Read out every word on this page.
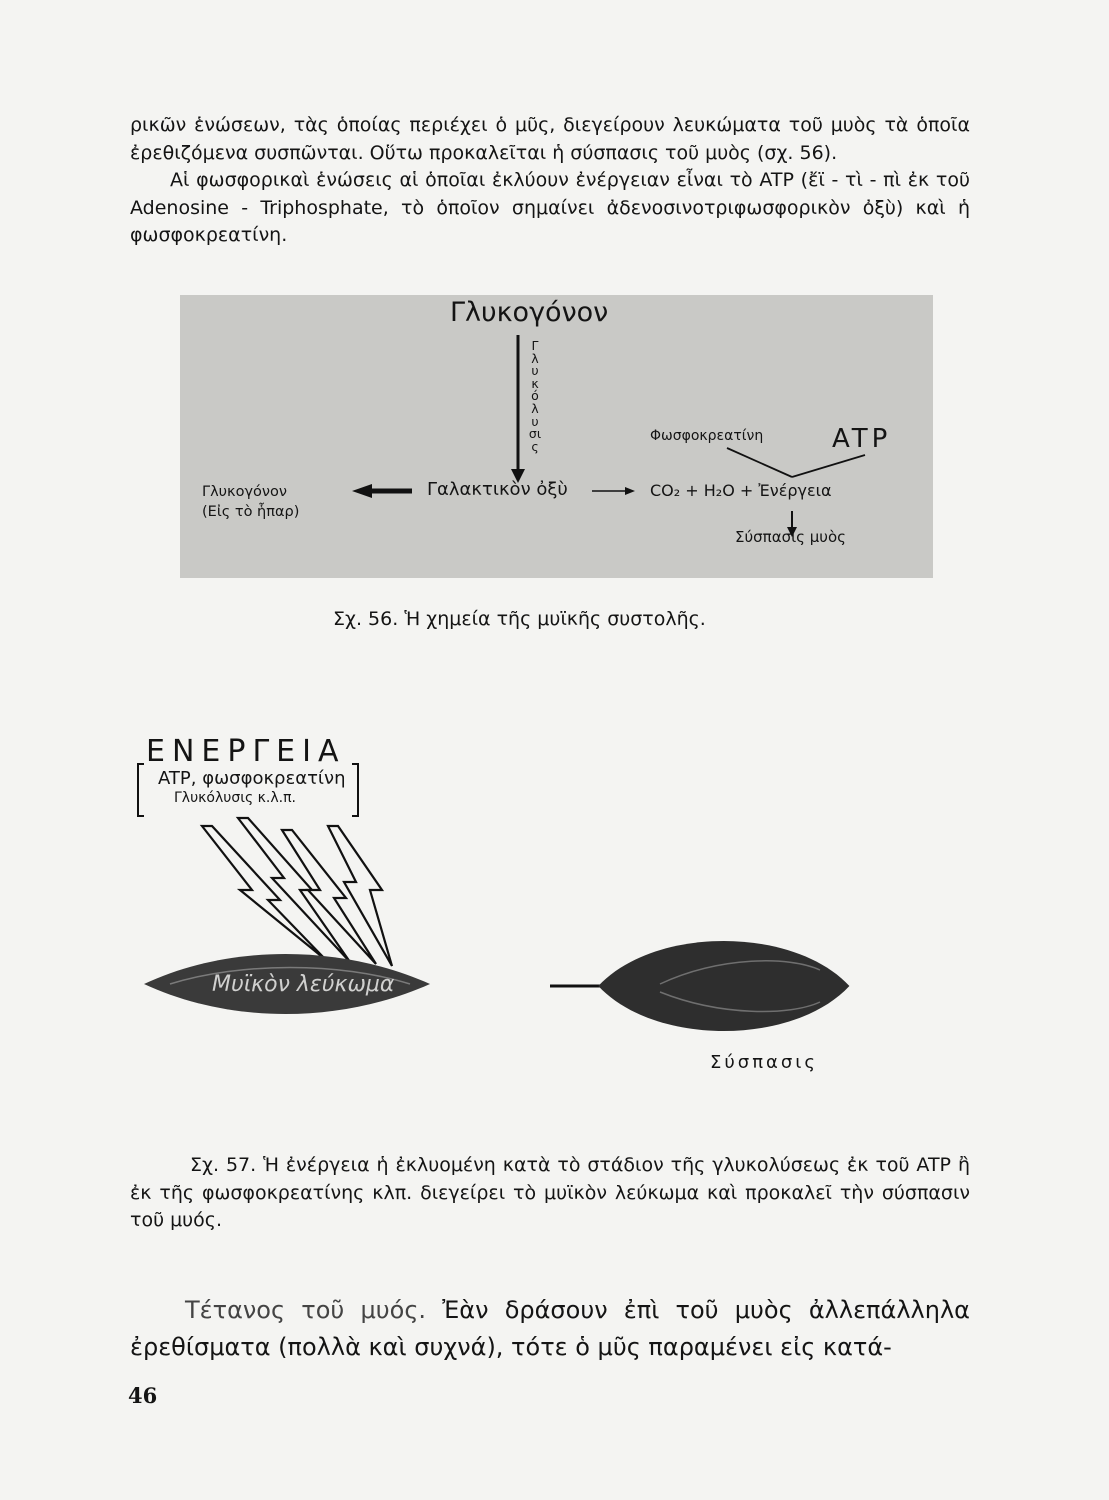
ρικῶν ἑνώσεων, τὰς ὁποίας περιέχει ὁ μῦς, διεγείρουν λευκώματα τοῦ μυὸς τὰ ὁποῖα ἐρεθιζόμενα συσπῶνται. Οὕτω προκαλεῖται ἡ σύσπασις τοῦ μυὸς (σχ. 56).

Αἱ φωσφορικαὶ ἑνώσεις αἱ ὁποῖαι ἐκλύουν ἐνέργειαν εἶναι τὸ ATP (ἔϊ - τὶ - πὶ ἐκ τοῦ Adenosine - Triphosphate, τὸ ὁποῖον σημαίνει ἀδενοσινοτριφωσφορικὸν ὀξὺ) καὶ ἡ φωσφοκρεατίνη.

Γλυκογόνον
Γλυκόλυσις
Φωσφοκρεατίνη	ATP
Γλυκογόνον
(Εἰς τὸ ἧπαρ)
Γαλακτικὸν ὀξὺ	CO₂ + H₂O + Ἐνέργεια
Σύσπασις μυὸς

Σχ. 56. Ἡ χημεία τῆς μυϊκῆς συστολῆς.

ΕΝΕΡΓΕΙΑ
ATP, φωσφοκρεατίνη
Γλυκόλυσις κ.λ.π.
Μυϊκὸν λεύκωμα
Σύσπασις

Σχ. 57. Ἡ ἐνέργεια ἡ ἐκλυομένη κατὰ τὸ στάδιον τῆς γλυκολύσεως ἐκ τοῦ ATP ἢ ἐκ τῆς φωσφοκρεατίνης κλπ. διεγείρει τὸ μυϊκὸν λεύκωμα καὶ προκαλεῖ τὴν σύσπασιν τοῦ μυός.

Τέτανος τοῦ μυός. Ἐὰν δράσουν ἐπὶ τοῦ μυὸς ἀλλεπάλληλα ἐρεθίσματα (πολλὰ καὶ συχνά), τότε ὁ μῦς παραμένει εἰς κατά-

46
